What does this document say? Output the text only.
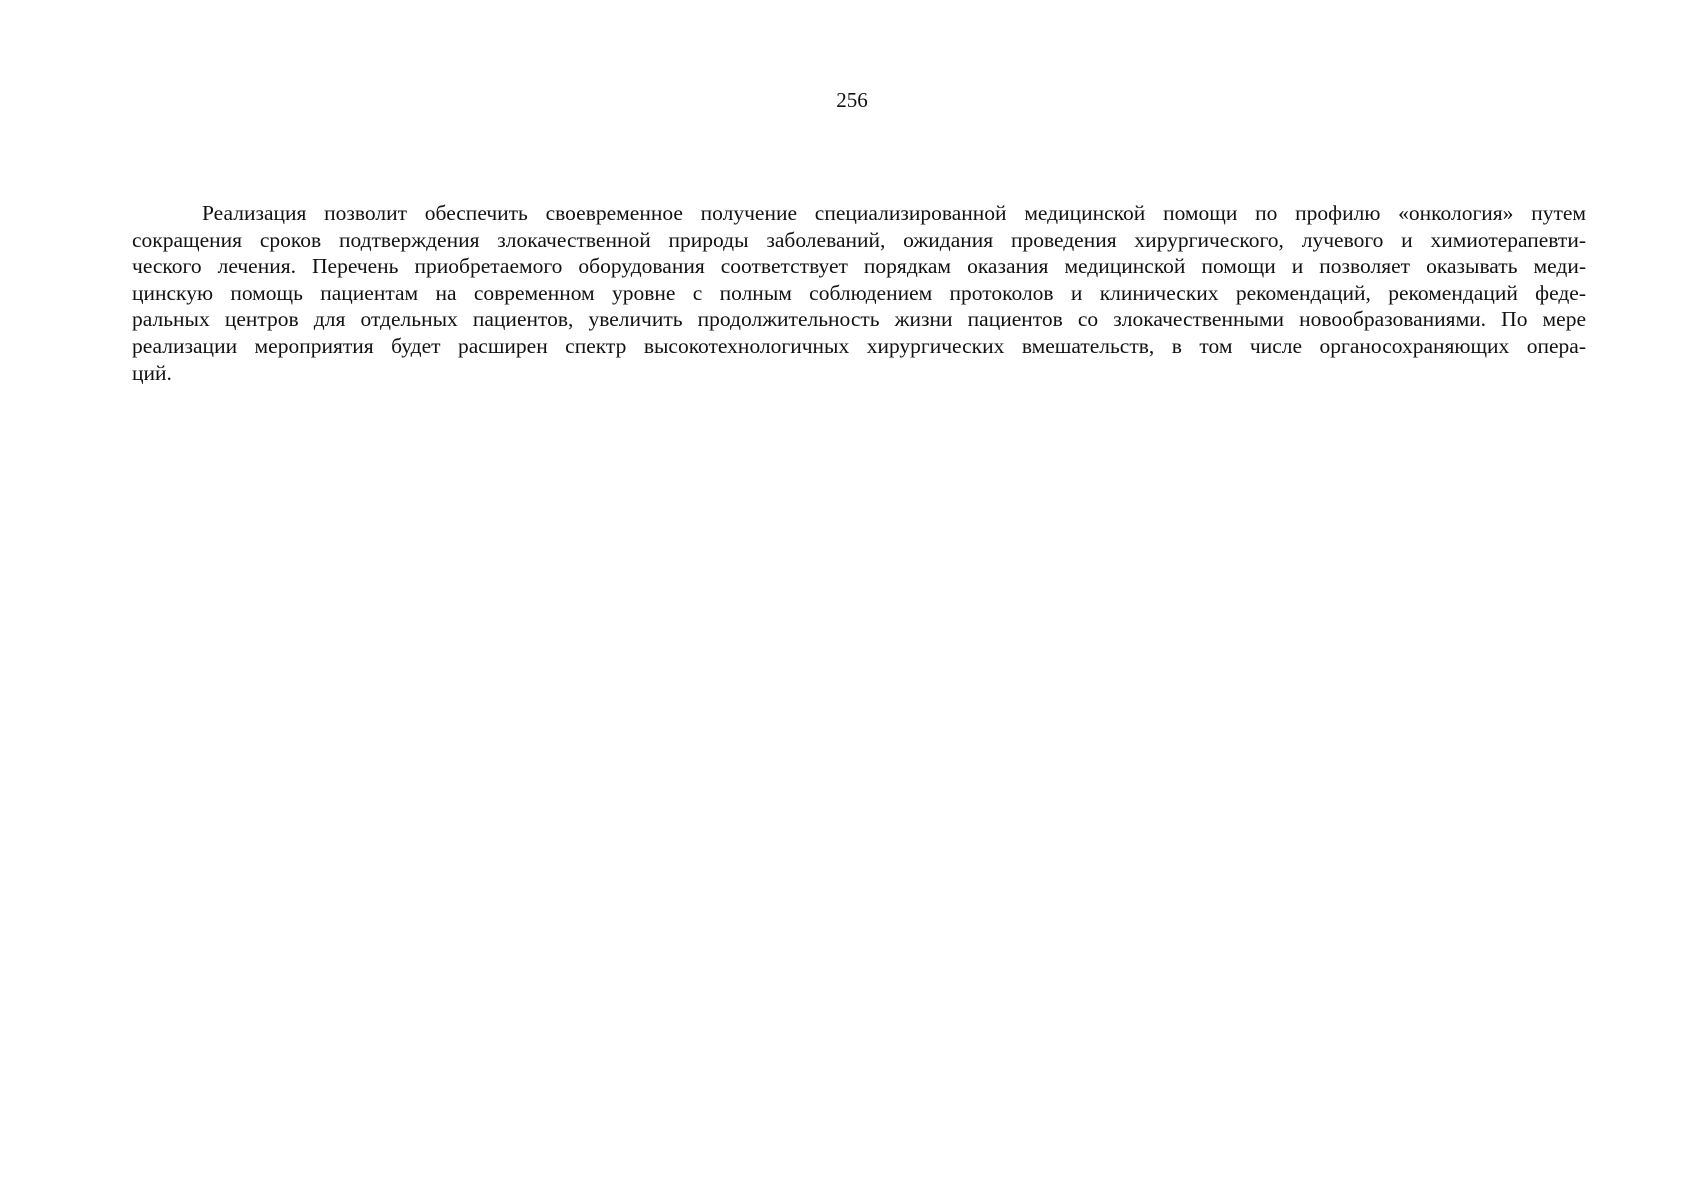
256

Реализация позволит обеспечить своевременное получение специализированной медицинской помощи по профилю «онкология» путем
сокращения сроков подтверждения злокачественной природы заболеваний, ожидания проведения хирургического, лучевого и химиотерапевти-
ческого лечения. Перечень приобретаемого оборудования соответствует порядкам оказания медицинской помощи и позволяет оказывать меди-
цинскую помощь пациентам на современном уровне с полным соблюдением протоколов и клинических рекомендаций, рекомендаций феде-
ральных центров для отдельных пациентов, увеличить продолжительность жизни пациентов со злокачественными новообразованиями. По мере
реализации мероприятия будет расширен спектр высокотехнологичных хирургических вмешательств, в том числе органосохраняющих опера-
ций.
